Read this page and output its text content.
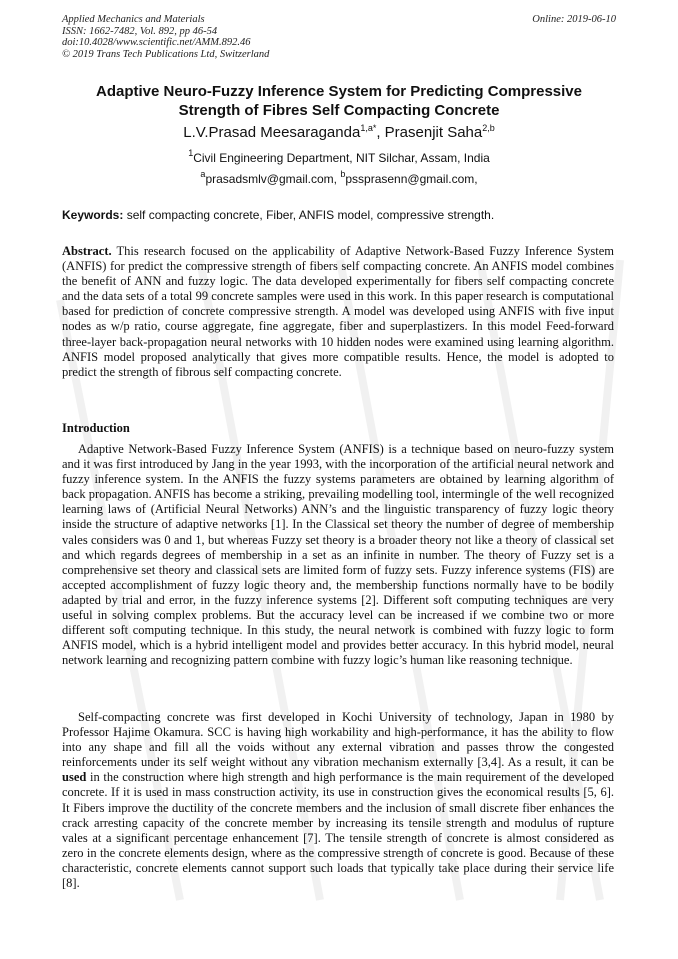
Applied Mechanics and Materials
ISSN: 1662-7482, Vol. 892, pp 46-54
doi:10.4028/www.scientific.net/AMM.892.46
© 2019 Trans Tech Publications Ltd, Switzerland
Online: 2019-06-10
Adaptive Neuro-Fuzzy Inference System for Predicting Compressive
Strength of Fibres Self Compacting Concrete
L.V.Prasad Meesaraganda$^{1,a*}$, Prasenjit Saha$^{2,b}$
$^1$Civil Engineering Department, NIT Silchar, Assam, India
$^a$prasadsmlv@gmail.com, $^b$pssprasenn@gmail.com,
Keywords: self compacting concrete, Fiber, ANFIS model, compressive strength.
Abstract. This research focused on the applicability of Adaptive Network-Based Fuzzy Inference System (ANFIS) for predict the compressive strength of fibers self compacting concrete. An ANFIS model combines the benefit of ANN and fuzzy logic. The data developed experimentally for fibers self compacting concrete and the data sets of a total 99 concrete samples were used in this work. In this paper research is computational based for prediction of concrete compressive strength. A model was developed using ANFIS with five input nodes as w/p ratio, course aggregate, fine aggregate, fiber and superplastizers. In this model Feed-forward three-layer back-propagation neural networks with 10 hidden nodes were examined using learning algorithm. ANFIS model proposed analytically that gives more compatible results. Hence, the model is adopted to predict the strength of fibrous self compacting concrete.
Introduction
Adaptive Network-Based Fuzzy Inference System (ANFIS) is a technique based on neuro-fuzzy system and it was first introduced by Jang in the year 1993, with the incorporation of the artificial neural network and fuzzy inference system. In the ANFIS the fuzzy systems parameters are obtained by learning algorithm of back propagation. ANFIS has become a striking, prevailing modelling tool, intermingle of the well recognized learning laws of (Artificial Neural Networks) ANN’s and the linguistic transparency of fuzzy logic theory inside the structure of adaptive networks [1]. In the Classical set theory the number of degree of membership vales considers was 0 and 1, but whereas Fuzzy set theory is a broader theory not like a theory of classical set and which regards degrees of membership in a set as an infinite in number. The theory of Fuzzy set is a comprehensive set theory and classical sets are limited form of fuzzy sets. Fuzzy inference systems (FIS) are accepted accomplishment of fuzzy logic theory and, the membership functions normally have to be bodily adapted by trial and error, in the fuzzy inference systems [2]. Different soft computing techniques are very useful in solving complex problems. But the accuracy level can be increased if we combine two or more different soft computing technique. In this study, the neural network is combined with fuzzy logic to form ANFIS model, which is a hybrid intelligent model and provides better accuracy. In this hybrid model, neural network learning and recognizing pattern combine with fuzzy logic’s human like reasoning technique.
Self-compacting concrete was first developed in Kochi University of technology, Japan in 1980 by Professor Hajime Okamura. SCC is having high workability and high-performance, it has the ability to flow into any shape and fill all the voids without any external vibration and passes throw the congested reinforcements under its self weight without any vibration mechanism externally [3,4]. As a result, it can be used in the construction where high strength and high performance is the main requirement of the developed concrete. If it is used in mass construction activity, its use in construction gives the economical results [5, 6]. It Fibers improve the ductility of the concrete members and the inclusion of small discrete fiber enhances the crack arresting capacity of the concrete member by increasing its tensile strength and modulus of rupture vales at a significant percentage enhancement [7]. The tensile strength of concrete is almost considered as zero in the concrete elements design, where as the compressive strength of concrete is good. Because of these characteristic, concrete elements cannot support such loads that typically take place during their service life [8].
